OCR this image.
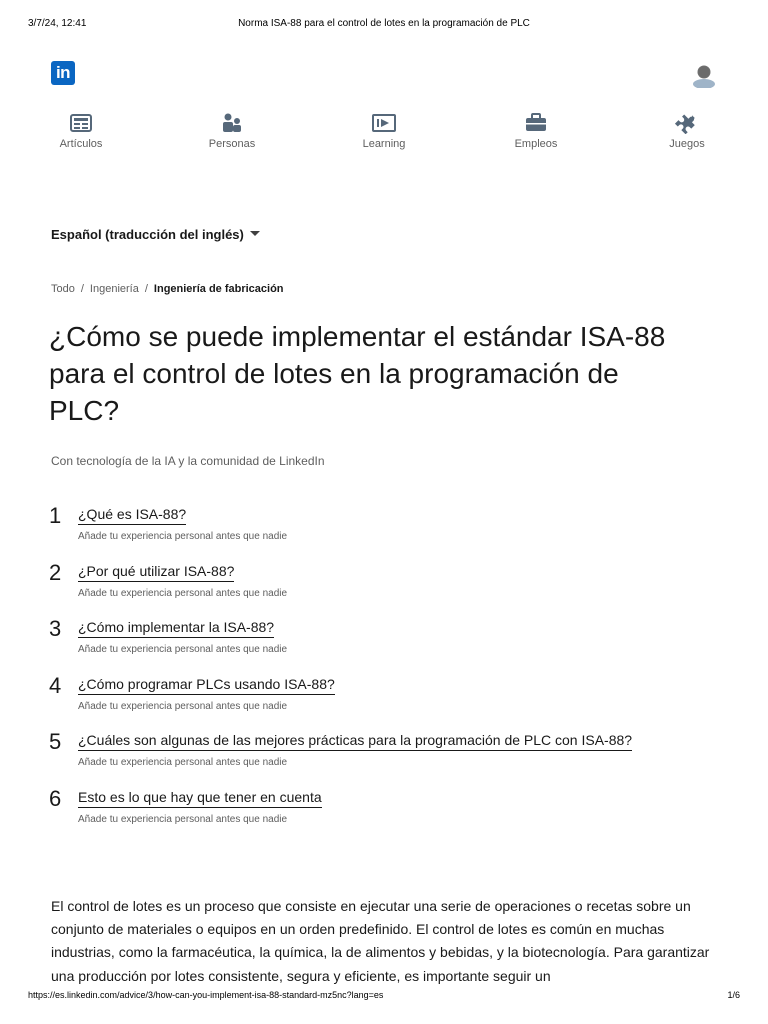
3/7/24, 12:41	Norma ISA-88 para el control de lotes en la programación de PLC
in
Artículos	Personas	Learning	Empleos	Juegos
Español (traducción del inglés)
Todo / Ingeniería / Ingeniería de fabricación
¿Cómo se puede implementar el estándar ISA-88 para el control de lotes en la programación de PLC?
Con tecnología de la IA y la comunidad de LinkedIn
1 ¿Qué es ISA-88?
Añade tu experiencia personal antes que nadie
2 ¿Por qué utilizar ISA-88?
Añade tu experiencia personal antes que nadie
3 ¿Cómo implementar la ISA-88?
Añade tu experiencia personal antes que nadie
4 ¿Cómo programar PLCs usando ISA-88?
Añade tu experiencia personal antes que nadie
5 ¿Cuáles son algunas de las mejores prácticas para la programación de PLC con ISA-88?
Añade tu experiencia personal antes que nadie
6 Esto es lo que hay que tener en cuenta
Añade tu experiencia personal antes que nadie

El control de lotes es un proceso que consiste en ejecutar una serie de operaciones o recetas sobre un conjunto de materiales o equipos en un orden predefinido. El control de lotes es común en muchas industrias, como la farmacéutica, la química, la de alimentos y bebidas, y la biotecnología. Para garantizar una producción por lotes consistente, segura y eficiente, es importante seguir un

https://es.linkedin.com/advice/3/how-can-you-implement-isa-88-standard-mz5nc?lang=es	1/6
